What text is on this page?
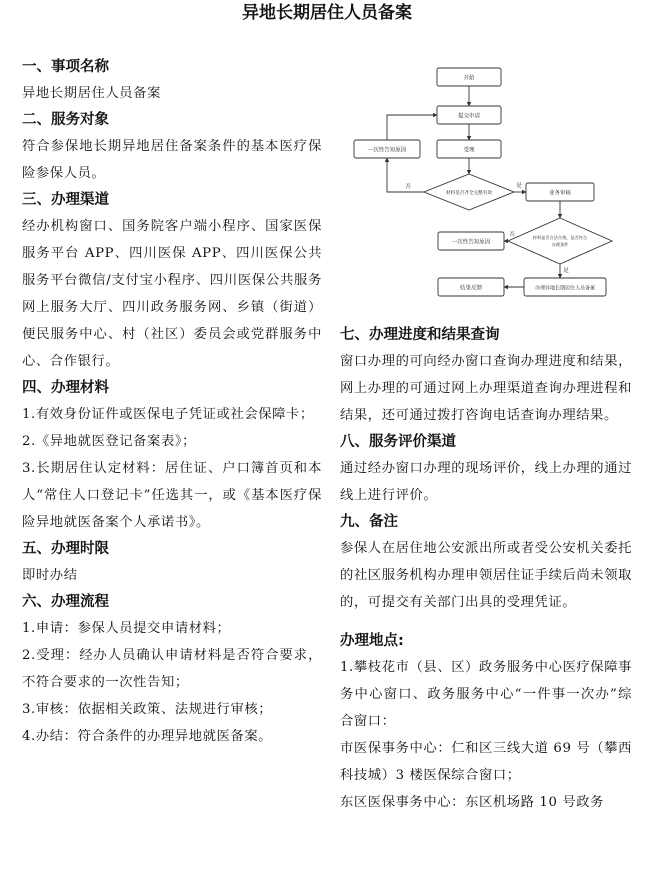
异地长期居住人员备案

一、事项名称

异地长期居住人员备案

二、服务对象

符合参保地长期异地居住备案条件的基本医疗保险参保人员。

三、办理渠道

经办机构窗口、国务院客户端小程序、国家医保服务平台 APP、四川医保 APP、四川医保公共服务平台微信/支付宝小程序、四川医保公共服务网上服务大厅、四川政务服务网、乡镇（街道）便民服务中心、村（社区）委员会或党群服务中心、合作银行。

四、办理材料

1.有效身份证件或医保电子凭证或社会保障卡；

2.《异地就医登记备案表》；

3.长期居住认定材料：居住证、户口簿首页和本人“常住人口登记卡”任选其一，或《基本医疗保险异地就医备案个人承诺书》。

五、办理时限

即时办结

六、办理流程

1.申请：参保人员提交申请材料；

2.受理：经办人员确认申请材料是否符合要求，不符合要求的一次性告知；

3.审核：依据相关政策、法规进行审核；

4.办结：符合条件的办理异地就医备案。

开始
提交申请
受理
一次性告知原因
材料是否齐全完整有效
否	是
业务审核
材料是否合法合规，是否符合
办理条件
否
一次性告知原因
是
办理异地长期居住人员备案
结果反馈

七、办理进度和结果查询

窗口办理的可向经办窗口查询办理进度和结果，网上办理的可通过网上办理渠道查询办理进程和结果，还可通过拨打咨询电话查询办理结果。

八、服务评价渠道

通过经办窗口办理的现场评价，线上办理的通过线上进行评价。

九、备注

参保人在居住地公安派出所或者受公安机关委托的社区服务机构办理申领居住证手续后尚未领取的，可提交有关部门出具的受理凭证。

办理地点:

1.攀枝花市（县、区）政务服务中心医疗保障事务中心窗口、政务服务中心“一件事一次办”综合窗口：

市医保事务中心：仁和区三线大道 69 号（攀西科技城）3 楼医保综合窗口；

东区医保事务中心：东区机场路 10 号政务
